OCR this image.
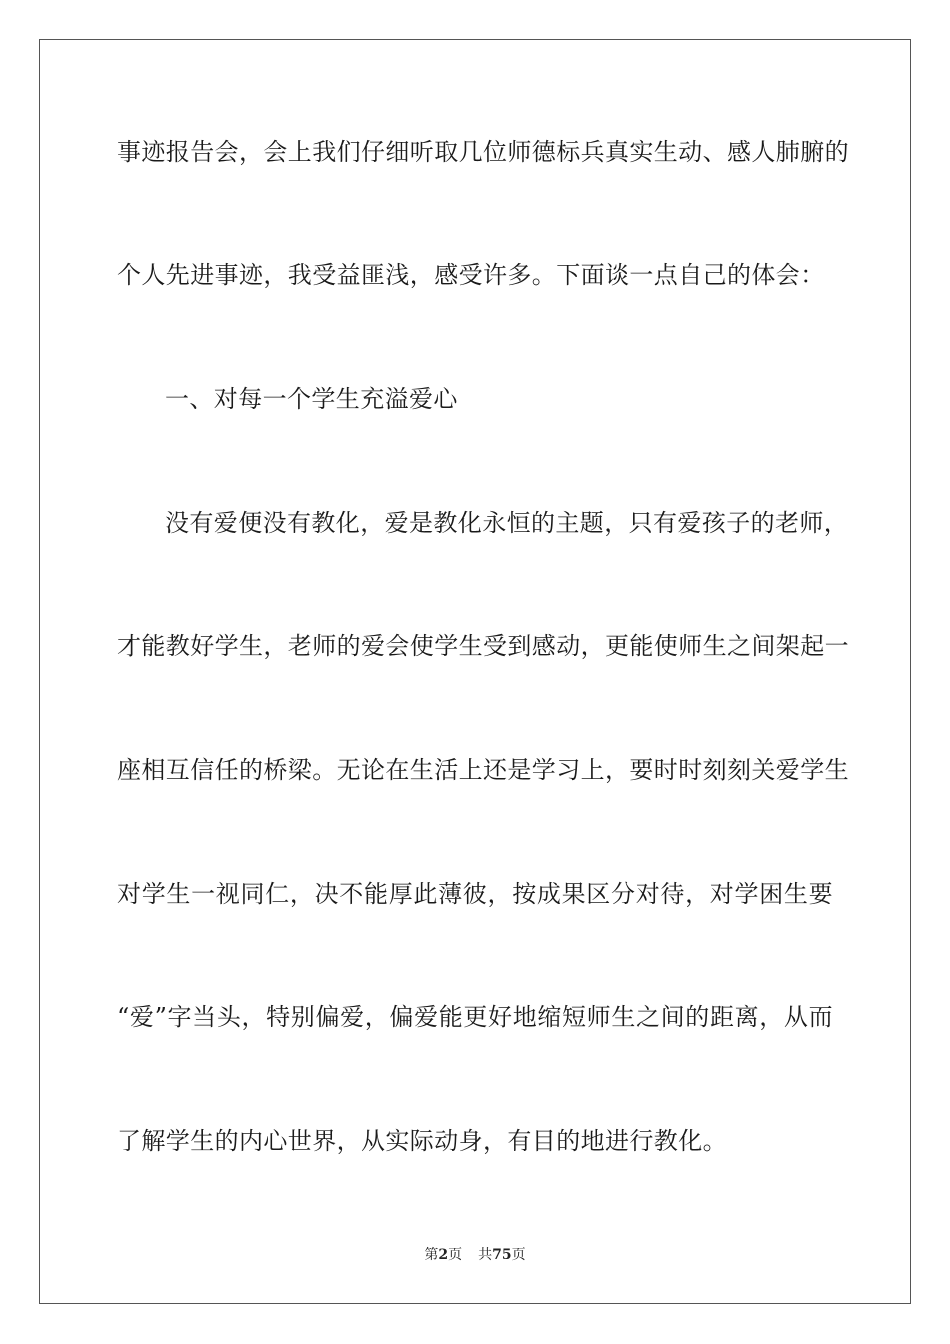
事迹报告会，会上我们仔细听取几位师德标兵真实生动、感人肺腑的
个人先进事迹，我受益匪浅，感受许多。下面谈一点自己的体会：
一、对每一个学生充溢爱心
没有爱便没有教化，爱是教化永恒的主题，只有爱孩子的老师，
才能教好学生，老师的爱会使学生受到感动，更能使师生之间架起一
座相互信任的桥梁。无论在生活上还是学习上，要时时刻刻关爱学生
对学生一视同仁，决不能厚此薄彼，按成果区分对待，对学困生要
“爱”字当头，特别偏爱，偏爱能更好地缩短师生之间的距离，从而
了解学生的内心世界，从实际动身，有目的地进行教化。
第2页 共75页
